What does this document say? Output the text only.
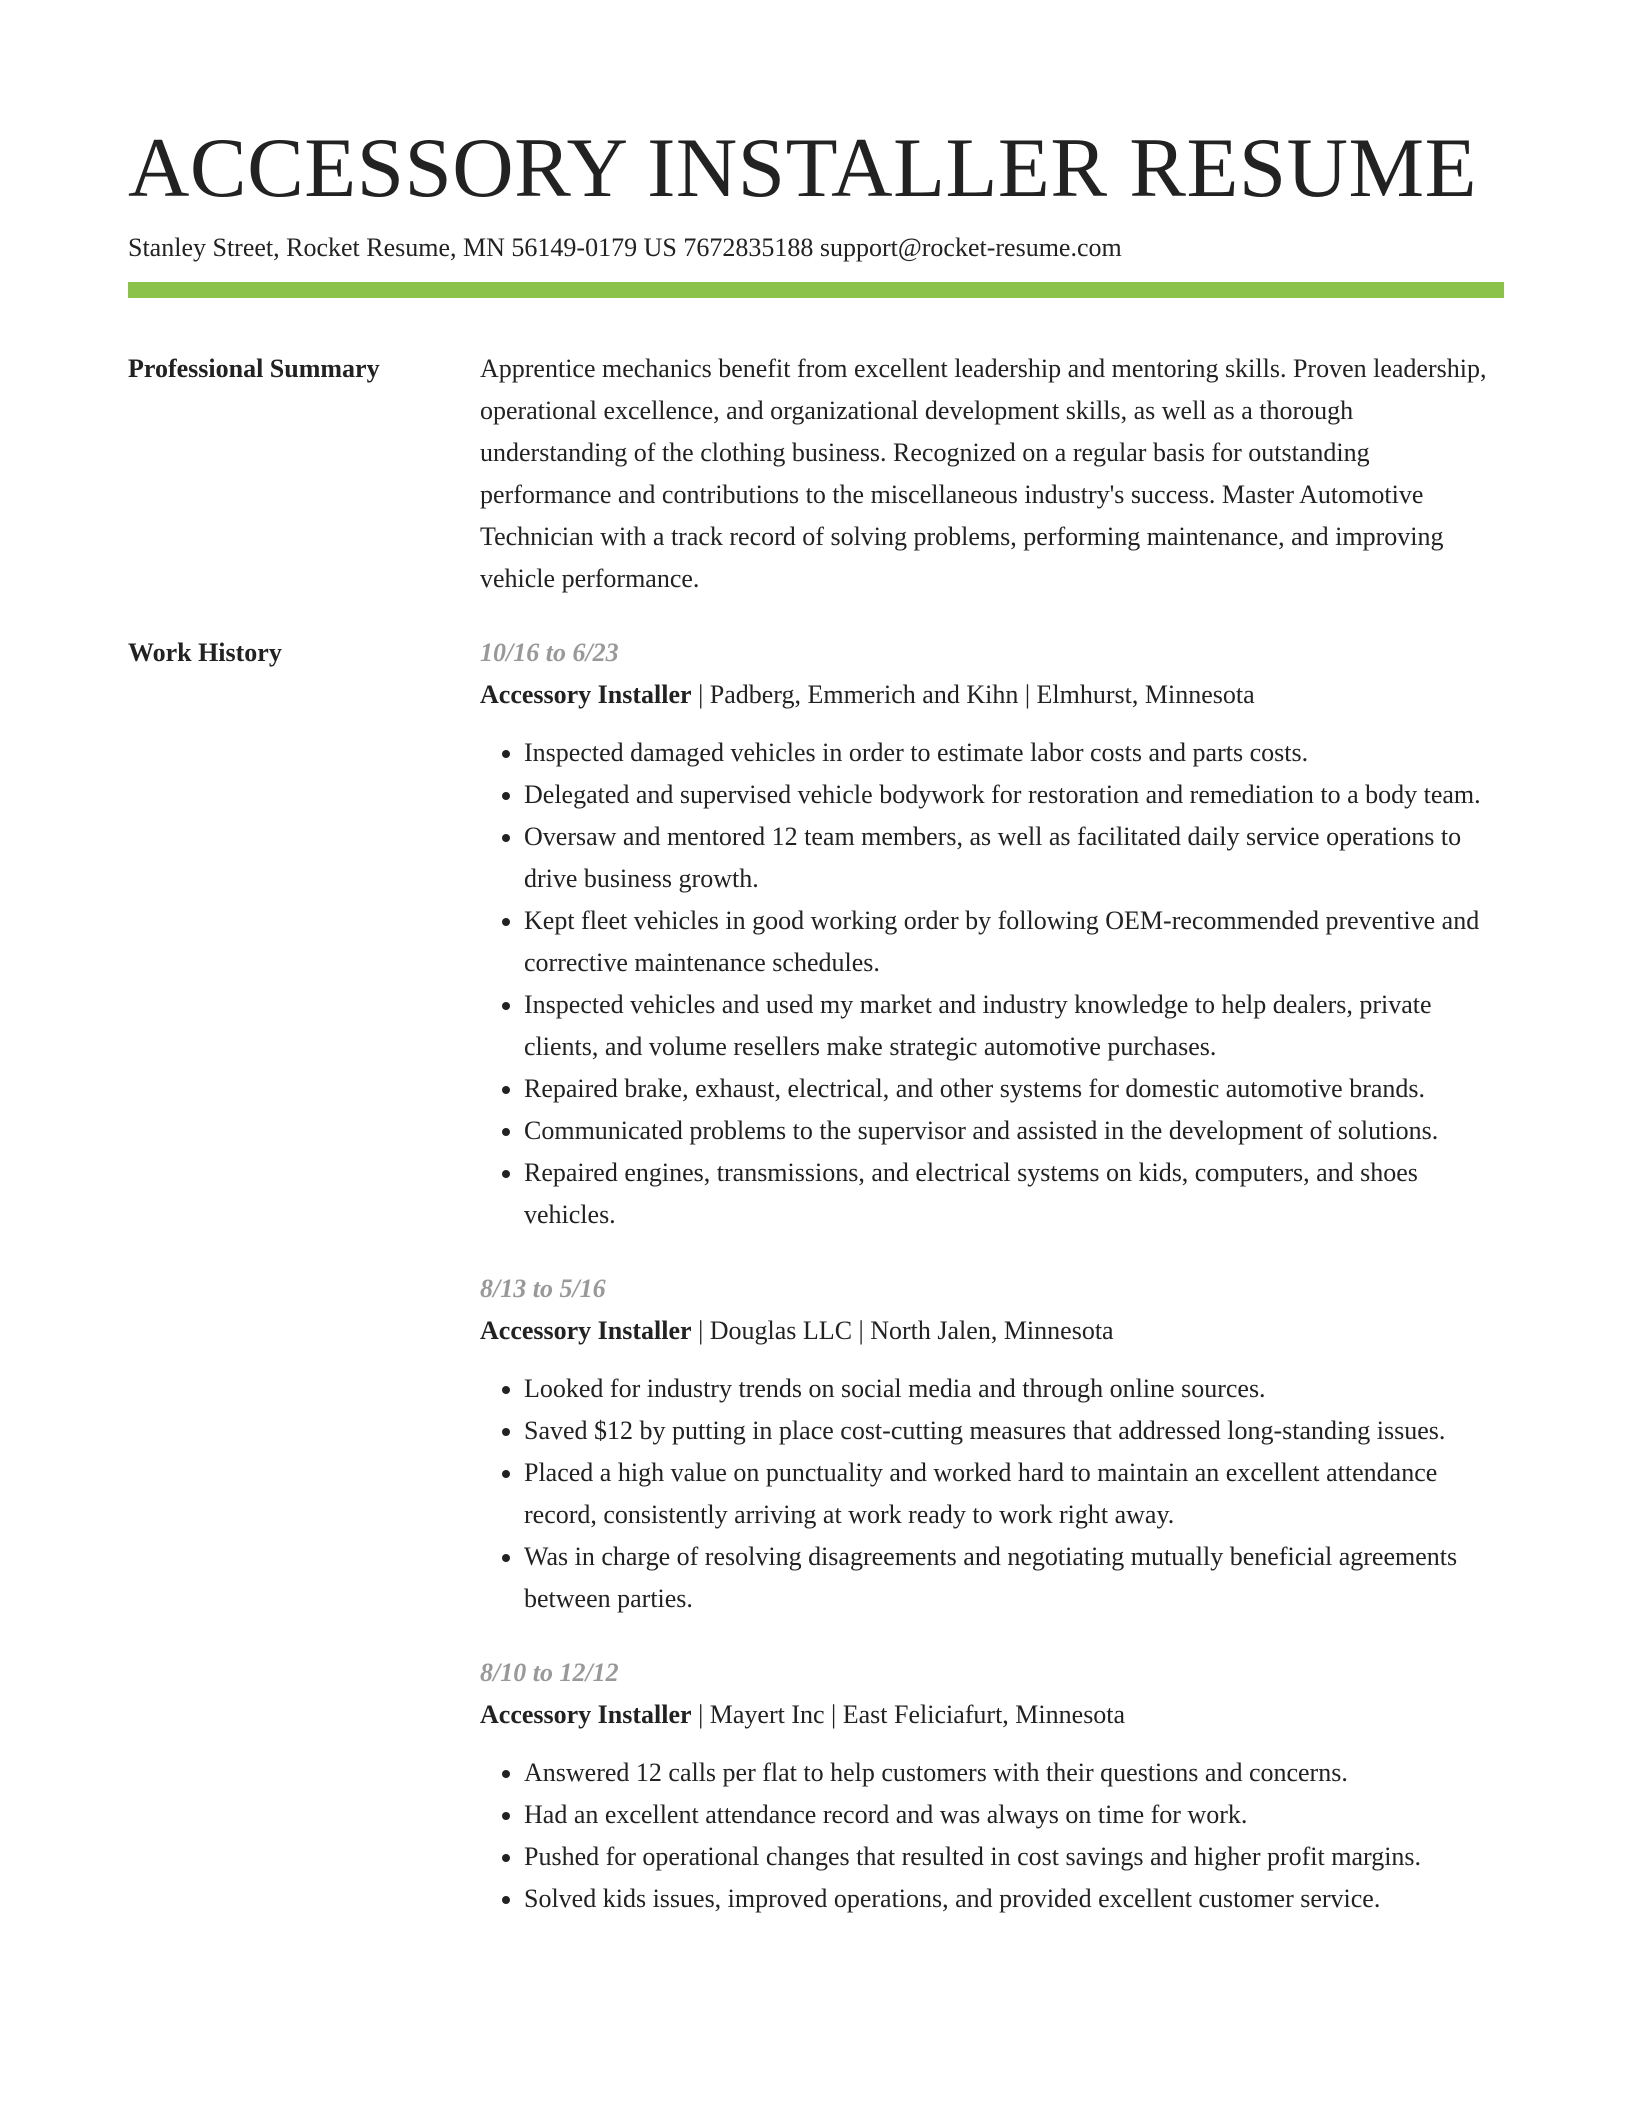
ACCESSORY INSTALLER RESUME
Stanley Street, Rocket Resume, MN 56149-0179 US 7672835188 support@rocket-resume.com
Professional Summary	Apprentice mechanics benefit from excellent leadership and mentoring skills. Proven leadership, operational excellence, and organizational development skills, as well as a thorough understanding of the clothing business. Recognized on a regular basis for outstanding performance and contributions to the miscellaneous industry's success. Master Automotive Technician with a track record of solving problems, performing maintenance, and improving vehicle performance.

Work History	10/16 to 6/23
Accessory Installer | Padberg, Emmerich and Kihn | Elmhurst, Minnesota
• Inspected damaged vehicles in order to estimate labor costs and parts costs.
• Delegated and supervised vehicle bodywork for restoration and remediation to a body team.
• Oversaw and mentored 12 team members, as well as facilitated daily service operations to drive business growth.
• Kept fleet vehicles in good working order by following OEM-recommended preventive and corrective maintenance schedules.
• Inspected vehicles and used my market and industry knowledge to help dealers, private clients, and volume resellers make strategic automotive purchases.
• Repaired brake, exhaust, electrical, and other systems for domestic automotive brands.
• Communicated problems to the supervisor and assisted in the development of solutions.
• Repaired engines, transmissions, and electrical systems on kids, computers, and shoes vehicles.
8/13 to 5/16
Accessory Installer | Douglas LLC | North Jalen, Minnesota
• Looked for industry trends on social media and through online sources.
• Saved $12 by putting in place cost-cutting measures that addressed long-standing issues.
• Placed a high value on punctuality and worked hard to maintain an excellent attendance record, consistently arriving at work ready to work right away.
• Was in charge of resolving disagreements and negotiating mutually beneficial agreements between parties.
8/10 to 12/12
Accessory Installer | Mayert Inc | East Feliciafurt, Minnesota
• Answered 12 calls per flat to help customers with their questions and concerns.
• Had an excellent attendance record and was always on time for work.
• Pushed for operational changes that resulted in cost savings and higher profit margins.
• Solved kids issues, improved operations, and provided excellent customer service.
